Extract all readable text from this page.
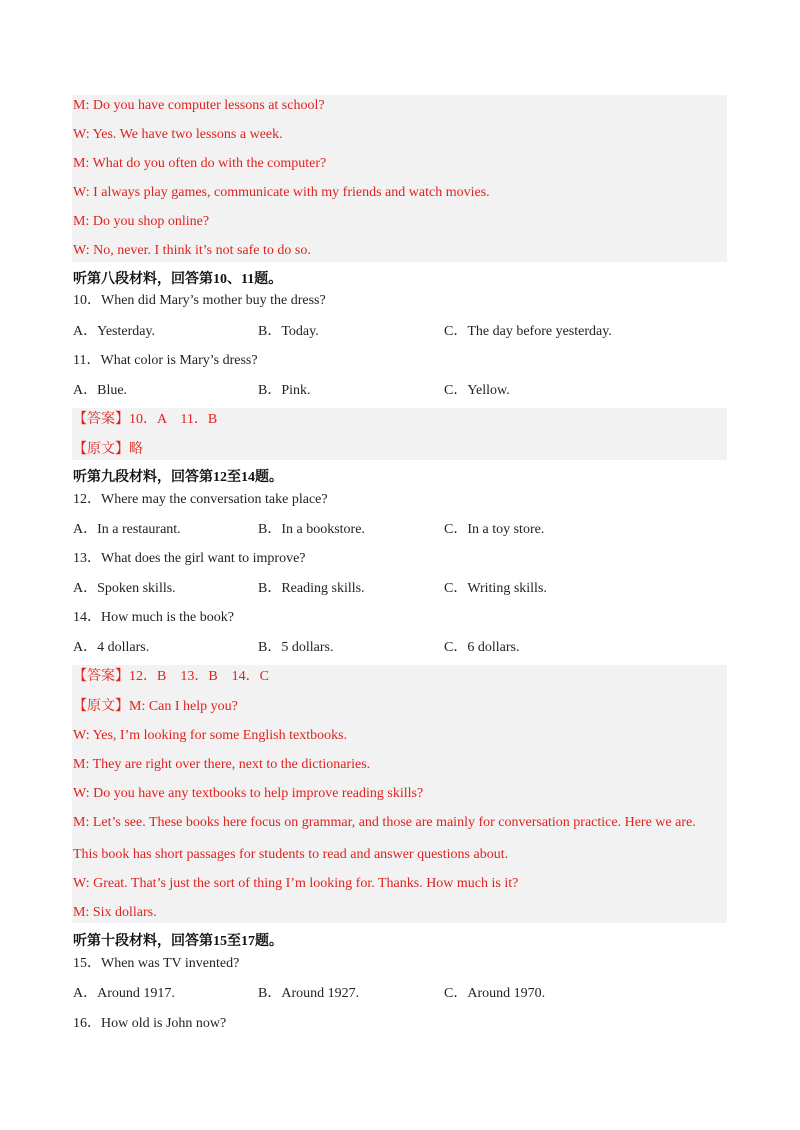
M: Do you have computer lessons at school?
W: Yes. We have two lessons a week.
M: What do you often do with the computer?
W: I always play games, communicate with my friends and watch movies.
M: Do you shop online?
W: No, never. I think it’s not safe to do so.
听第八段材料，回答第10、11题。
10．When did Mary’s mother buy the dress?
A．Yesterday.	B．Today.	C．The day before yesterday.
11．What color is Mary’s dress?
A．Blue.	B．Pink.	C．Yellow.
【答案】10．A　11．B
【原文】略
听第九段材料，回答第12至14题。
12．Where may the conversation take place?
A．In a restaurant.	B．In a bookstore.	C．In a toy store.
13．What does the girl want to improve?
A．Spoken skills.	B．Reading skills.	C．Writing skills.
14．How much is the book?
A．4 dollars.	B．5 dollars.	C．6 dollars.
【答案】12．B　13．B　14．C
【原文】M: Can I help you?
W: Yes, I’m looking for some English textbooks.
M: They are right over there, next to the dictionaries.
W: Do you have any textbooks to help improve reading skills?
M: Let’s see. These books here focus on grammar, and those are mainly for conversation practice. Here we are.
This book has short passages for students to read and answer questions about.
W: Great. That’s just the sort of thing I’m looking for. Thanks. How much is it?
M: Six dollars.
听第十段材料，回答第15至17题。
15．When was TV invented?
A．Around 1917.	B．Around 1927.	C．Around 1970.
16．How old is John now?
